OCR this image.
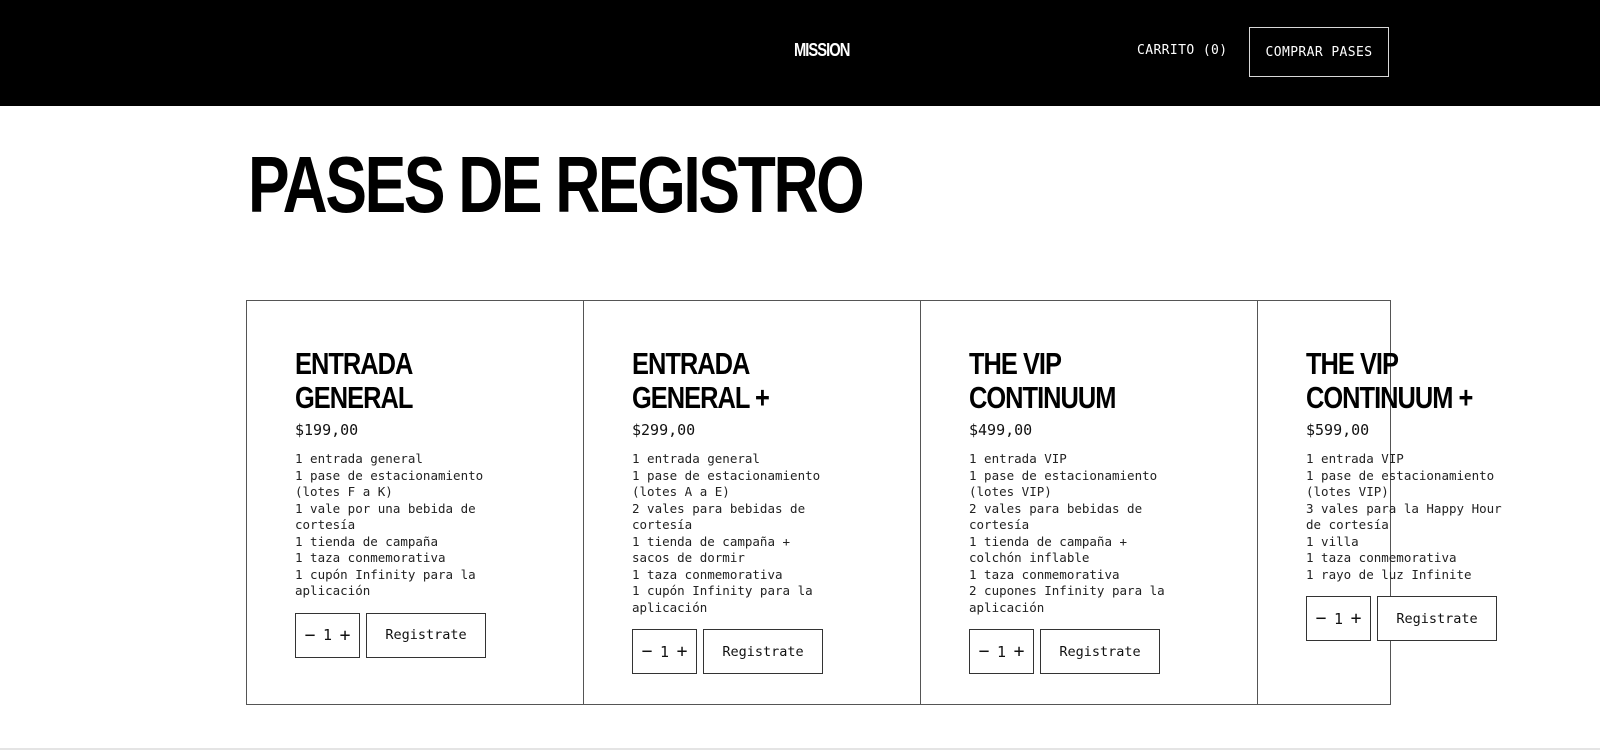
MISSION	CARRITO (0)	COMPRAR PASES
PASES DE REGISTRO
ENTRADA GENERAL
$199,00
1 entrada general
1 pase de estacionamiento (lotes F a K)
1 vale por una bebida de cortesía
1 tienda de campaña
1 taza conmemorativa
1 cupón Infinity para la aplicación
− 1 +	Registrate
ENTRADA GENERAL +
$299,00
1 entrada general
1 pase de estacionamiento (lotes A a E)
2 vales para bebidas de cortesía
1 tienda de campaña + sacos de dormir
1 taza conmemorativa
1 cupón Infinity para la aplicación
− 1 +	Registrate
THE VIP CONTINUUM
$499,00
1 entrada VIP
1 pase de estacionamiento (lotes VIP)
2 vales para bebidas de cortesía
1 tienda de campaña + colchón inflable
1 taza conmemorativa
2 cupones Infinity para la aplicación
− 1 +	Registrate
THE VIP CONTINUUM +
$599,00
1 entrada VIP
1 pase de estacionamiento (lotes VIP)
3 vales para la Happy Hour de cortesía
1 villa
1 taza conmemorativa
1 rayo de luz Infinite
− 1 +	Registrate
